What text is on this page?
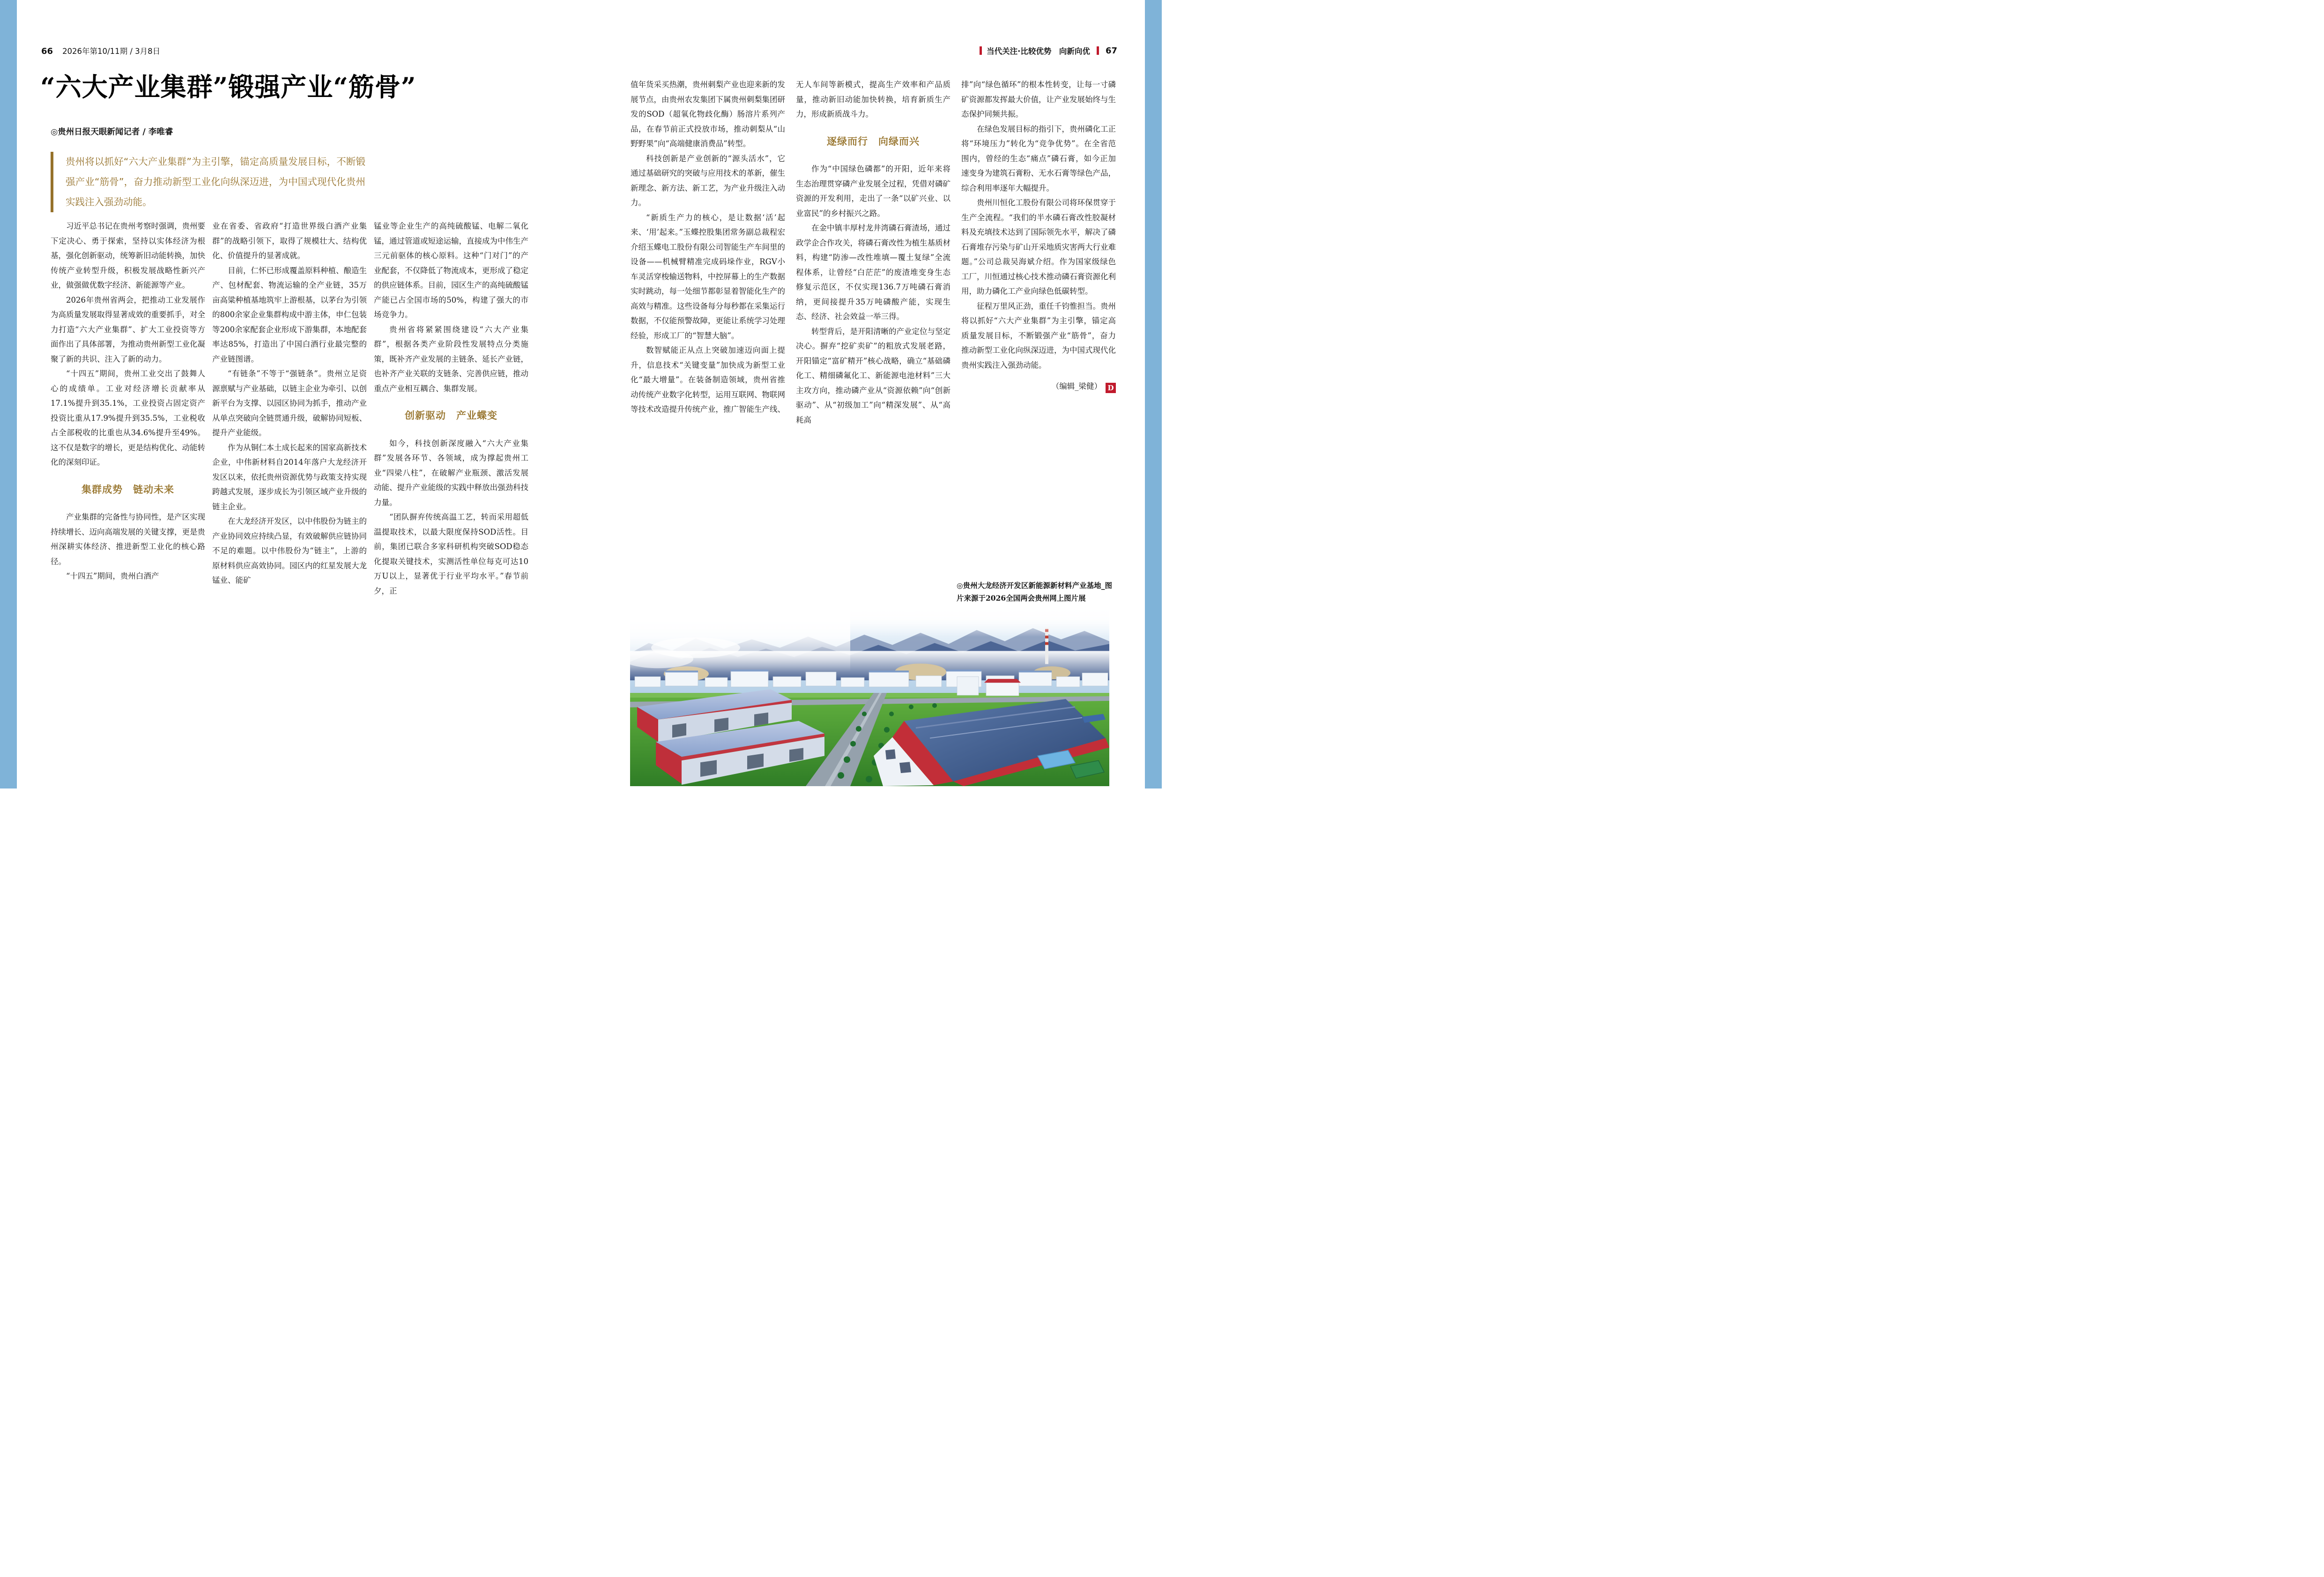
66 2026年第10/11期 / 3月8日	当代关注·比较优势　向新向优 67
“六大产业集群”锻强产业“筋骨”
◎贵州日报天眼新闻记者 / 李唯睿
贵州将以抓好“六大产业集群”为主引擎，锚定高质量发展目标，不断锻强产业“筋骨”，奋力推动新型工业化向纵深迈进，为中国式现代化贵州实践注入强劲动能。
习近平总书记在贵州考察时强调，贵州要下定决心、勇于探索，坚持以实体经济为根基，强化创新驱动，统筹新旧动能转换，加快传统产业转型升级，积极发展战略性新兴产业，做强做优数字经济、新能源等产业。
2026年贵州省两会，把推动工业发展作为高质量发展取得显著成效的重要抓手，对全力打造“六大产业集群”、扩大工业投资等方面作出了具体部署，为推动贵州新型工业化凝聚了新的共识、注入了新的动力。
“十四五”期间，贵州工业交出了鼓舞人心的成绩单。工业对经济增长贡献率从17.1%提升到35.1%，工业投资占固定资产投资比重从17.9%提升到35.5%，工业税收占全部税收的比重也从34.6%提升至49%。这不仅是数字的增长，更是结构优化、动能转化的深刻印证。
集群成势　链动未来
产业集群的完备性与协同性，是产区实现持续增长、迈向高端发展的关键支撑，更是贵州深耕实体经济、推进新型工业化的核心路径。
“十四五”期间，贵州白酒产
业在省委、省政府“打造世界级白酒产业集群”的战略引领下，取得了规模壮大、结构优化、价值提升的显著成就。
目前，仁怀已形成覆盖原料种植、酿造生产、包材配套、物流运输的全产业链，35万亩高粱种植基地筑牢上游根基，以茅台为引领的800余家企业集群构成中游主体，申仁包装等200余家配套企业形成下游集群，本地配套率达85%，打造出了中国白酒行业最完整的产业链图谱。
“有链条”不等于“强链条”。贵州立足资源禀赋与产业基础，以链主企业为牵引、以创新平台为支撑、以园区协同为抓手，推动产业从单点突破向全链贯通升级，破解协同短板、提升产业能级。
作为从铜仁本土成长起来的国家高新技术企业，中伟新材料自2014年落户大龙经济开发区以来，依托贵州资源优势与政策支持实现跨越式发展，逐步成长为引领区域产业升级的链主企业。
在大龙经济开发区，以中伟股份为链主的产业协同效应持续凸显，有效破解供应链协同不足的难题。以中伟股份为“链主”，上游的原材料供应高效协同。园区内的红星发展大龙锰业、能矿
锰业等企业生产的高纯硫酸锰、电解二氧化锰，通过管道或短途运输，直接成为中伟生产三元前驱体的核心原料。这种“门对门”的产业配套，不仅降低了物流成本，更形成了稳定的供应链体系。目前，园区生产的高纯硫酸锰产能已占全国市场的50%，构建了强大的市场竞争力。
贵州省将紧紧围绕建设“六大产业集群”，根据各类产业阶段性发展特点分类施策，既补齐产业发展的主链条、延长产业链，也补齐产业关联的支链条、完善供应链，推动重点产业相互耦合、集群发展。
创新驱动　产业蝶变
如今，科技创新深度融入“六大产业集群”发展各环节、各领域，成为撑起贵州工业“四梁八柱”，在破解产业瓶颈、激活发展动能、提升产业能级的实践中释放出强劲科技力量。
“团队摒弃传统高温工艺，转而采用超低温提取技术，以最大限度保持SOD活性。目前，集团已联合多家科研机构突破SOD稳态化提取关键技术，实测活性单位每克可达10万U以上，显著优于行业平均水平。”春节前夕，正
值年货采买热潮，贵州刺梨产业也迎来新的发展节点，由贵州农发集团下属贵州刺梨集团研发的SOD（超氧化物歧化酶）肠溶片系列产品，在春节前正式投放市场，推动刺梨从“山野野果”向“高端健康消费品”转型。
科技创新是产业创新的“源头活水”，它通过基础研究的突破与应用技术的革新，催生新理念、新方法、新工艺，为产业升级注入动力。
“新质生产力的核心，是让数据‘活’起来、‘用’起来。”玉蝶控股集团常务副总裁程宏介绍玉蝶电工股份有限公司智能生产车间里的设备——机械臂精准完成码垛作业，RGV小车灵活穿梭输送物料，中控屏幕上的生产数据实时跳动，每一处细节都彰显着智能化生产的高效与精准。这些设备每分每秒都在采集运行数据，不仅能预警故障，更能让系统学习处理经验，形成工厂的“智慧大脑”。
数智赋能正从点上突破加速迈向面上提升，信息技术“关键变量”加快成为新型工业化“最大增量”。在装备制造领域，贵州省推动传统产业数字化转型，运用互联网、物联网等技术改造提升传统产业，推广智能生产线、
无人车间等新模式，提高生产效率和产品质量，推动新旧动能加快转换，培育新质生产力，形成新质战斗力。
逐绿而行　向绿而兴
作为“中国绿色磷都”的开阳，近年来将生态治理贯穿磷产业发展全过程，凭借对磷矿资源的开发利用，走出了一条“以矿兴业、以业富民”的乡村振兴之路。
在金中镇丰厚村龙井湾磷石膏渣场，通过政学企合作攻关，将磷石膏改性为植生基质材料，构建“防渗—改性堆填—覆土复绿”全流程体系，让曾经“白茫茫”的废渣堆变身生态修复示范区，不仅实现136.7万吨磷石膏消纳，更间接提升35万吨磷酸产能，实现生态、经济、社会效益一举三得。
转型背后，是开阳清晰的产业定位与坚定决心。摒弃“挖矿卖矿”的粗放式发展老路，开阳锚定“富矿精开”核心战略，确立“基础磷化工、精细磷氟化工、新能源电池材料”三大主攻方向，推动磷产业从“资源依赖”向“创新驱动”、从“初级加工”向“精深发展”、从“高耗高
排”向“绿色循环”的根本性转变，让每一寸磷矿资源都发挥最大价值，让产业发展始终与生态保护同频共振。
在绿色发展目标的指引下，贵州磷化工正将“环境压力”转化为“竞争优势”。在全省范围内，曾经的生态“痛点”磷石膏，如今正加速变身为建筑石膏粉、无水石膏等绿色产品，综合利用率逐年大幅提升。
贵州川恒化工股份有限公司将环保贯穿于生产全流程。“我们的半水磷石膏改性胶凝材料及充填技术达到了国际领先水平，解决了磷石膏堆存污染与矿山开采地质灾害两大行业难题。”公司总裁吴海斌介绍。作为国家级绿色工厂，川恒通过核心技术推动磷石膏资源化利用，助力磷化工产业向绿色低碳转型。
征程万里风正劲，重任千钧惟担当。贵州将以抓好“六大产业集群”为主引擎，锚定高质量发展目标，不断锻强产业“筋骨”，奋力推动新型工业化向纵深迈进，为中国式现代化贵州实践注入强劲动能。
（编辑_梁健） D
◎贵州大龙经济开发区新能源新材料产业基地_图片来源于2026全国两会贵州网上图片展
